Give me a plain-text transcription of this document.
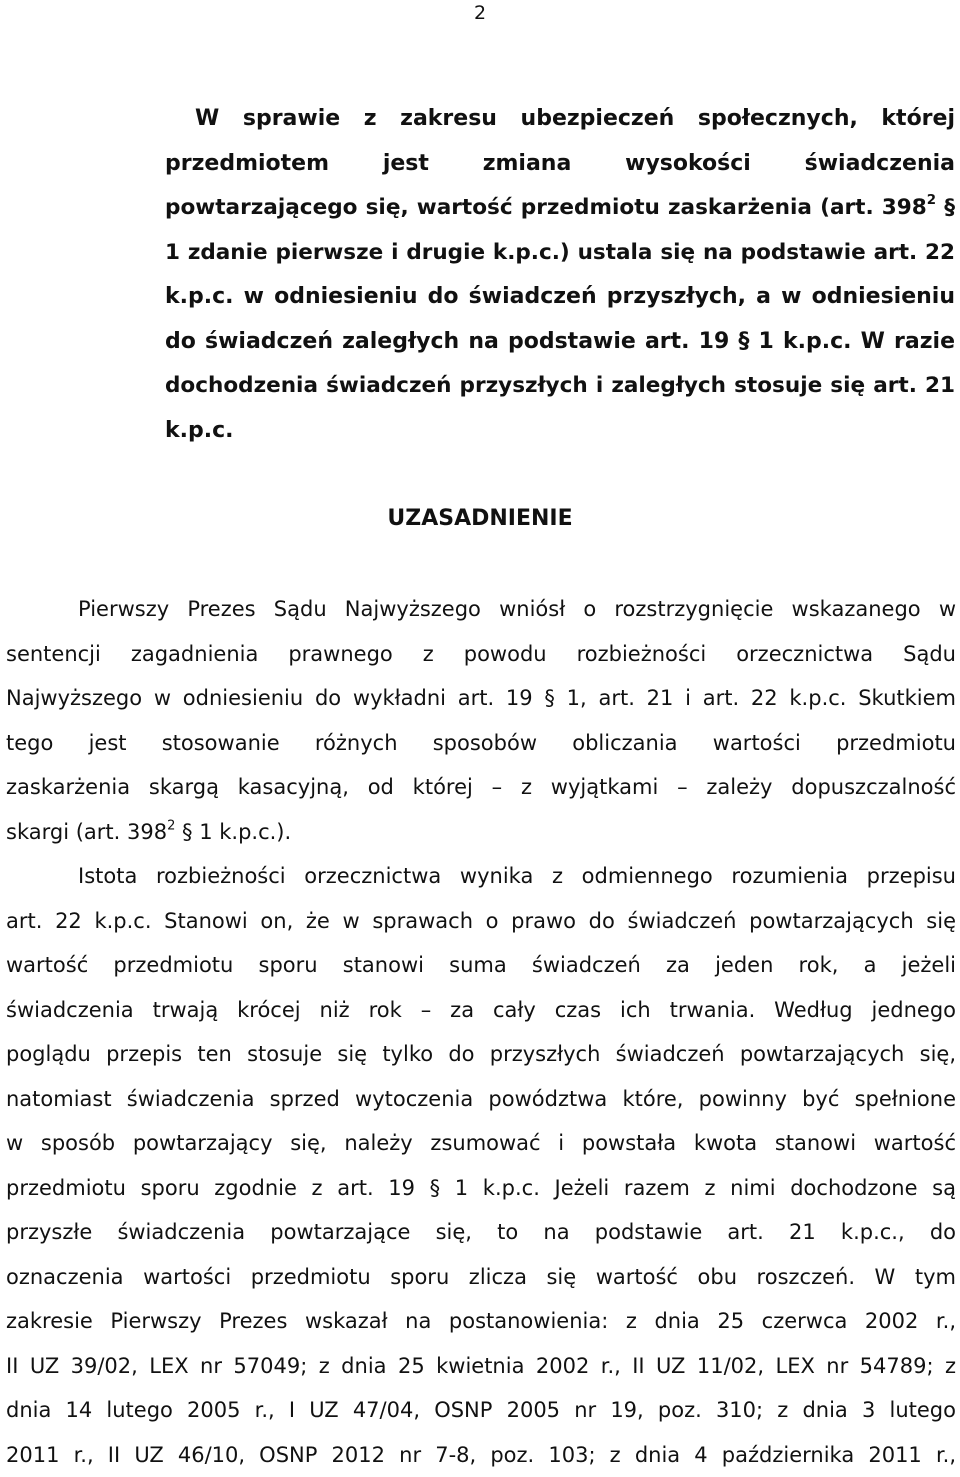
2
W sprawie z zakresu ubezpieczeń społecznych, której
przedmiotem jest zmiana wysokości świadczenia
powtarzającego się, wartość przedmiotu zaskarżenia (art. $398^2$ §
1 zdanie pierwsze i drugie k.p.c.) ustala się na podstawie art. 22
k.p.c. w odniesieniu do świadczeń przyszłych, a w odniesieniu
do świadczeń zaległych na podstawie art. 19 § 1 k.p.c. W razie
dochodzenia świadczeń przyszłych i zaległych stosuje się art. 21
k.p.c.
UZASADNIENIE
Pierwszy Prezes Sądu Najwyższego wniósł o rozstrzygnięcie wskazanego w
sentencji zagadnienia prawnego z powodu rozbieżności orzecznictwa Sądu
Najwyższego w odniesieniu do wykładni art. 19 § 1, art. 21 i art. 22 k.p.c. Skutkiem
tego jest stosowanie różnych sposobów obliczania wartości przedmiotu
zaskarżenia skargą kasacyjną, od której – z wyjątkami – zależy dopuszczalność
skargi (art. $398^2$ § 1 k.p.c.).
Istota rozbieżności orzecznictwa wynika z odmiennego rozumienia przepisu
art. 22 k.p.c. Stanowi on, że w sprawach o prawo do świadczeń powtarzających się
wartość przedmiotu sporu stanowi suma świadczeń za jeden rok, a jeżeli
świadczenia trwają krócej niż rok – za cały czas ich trwania. Według jednego
poglądu przepis ten stosuje się tylko do przyszłych świadczeń powtarzających się,
natomiast świadczenia sprzed wytoczenia powództwa które, powinny być spełnione
w sposób powtarzający się, należy zsumować i powstała kwota stanowi wartość
przedmiotu sporu zgodnie z art. 19 § 1 k.p.c. Jeżeli razem z nimi dochodzone są
przyszłe świadczenia powtarzające się, to na podstawie art. 21 k.p.c., do
oznaczenia wartości przedmiotu sporu zlicza się wartość obu roszczeń. W tym
zakresie Pierwszy Prezes wskazał na postanowienia: z dnia 25 czerwca 2002 r.,
II UZ 39/02, LEX nr 57049; z dnia 25 kwietnia 2002 r., II UZ 11/02, LEX nr 54789; z
dnia 14 lutego 2005 r., I UZ 47/04, OSNP 2005 nr 19, poz. 310; z dnia 3 lutego
2011 r., II UZ 46/10, OSNP 2012 nr 7-8, poz. 103; z dnia 4 października 2011 r.,
